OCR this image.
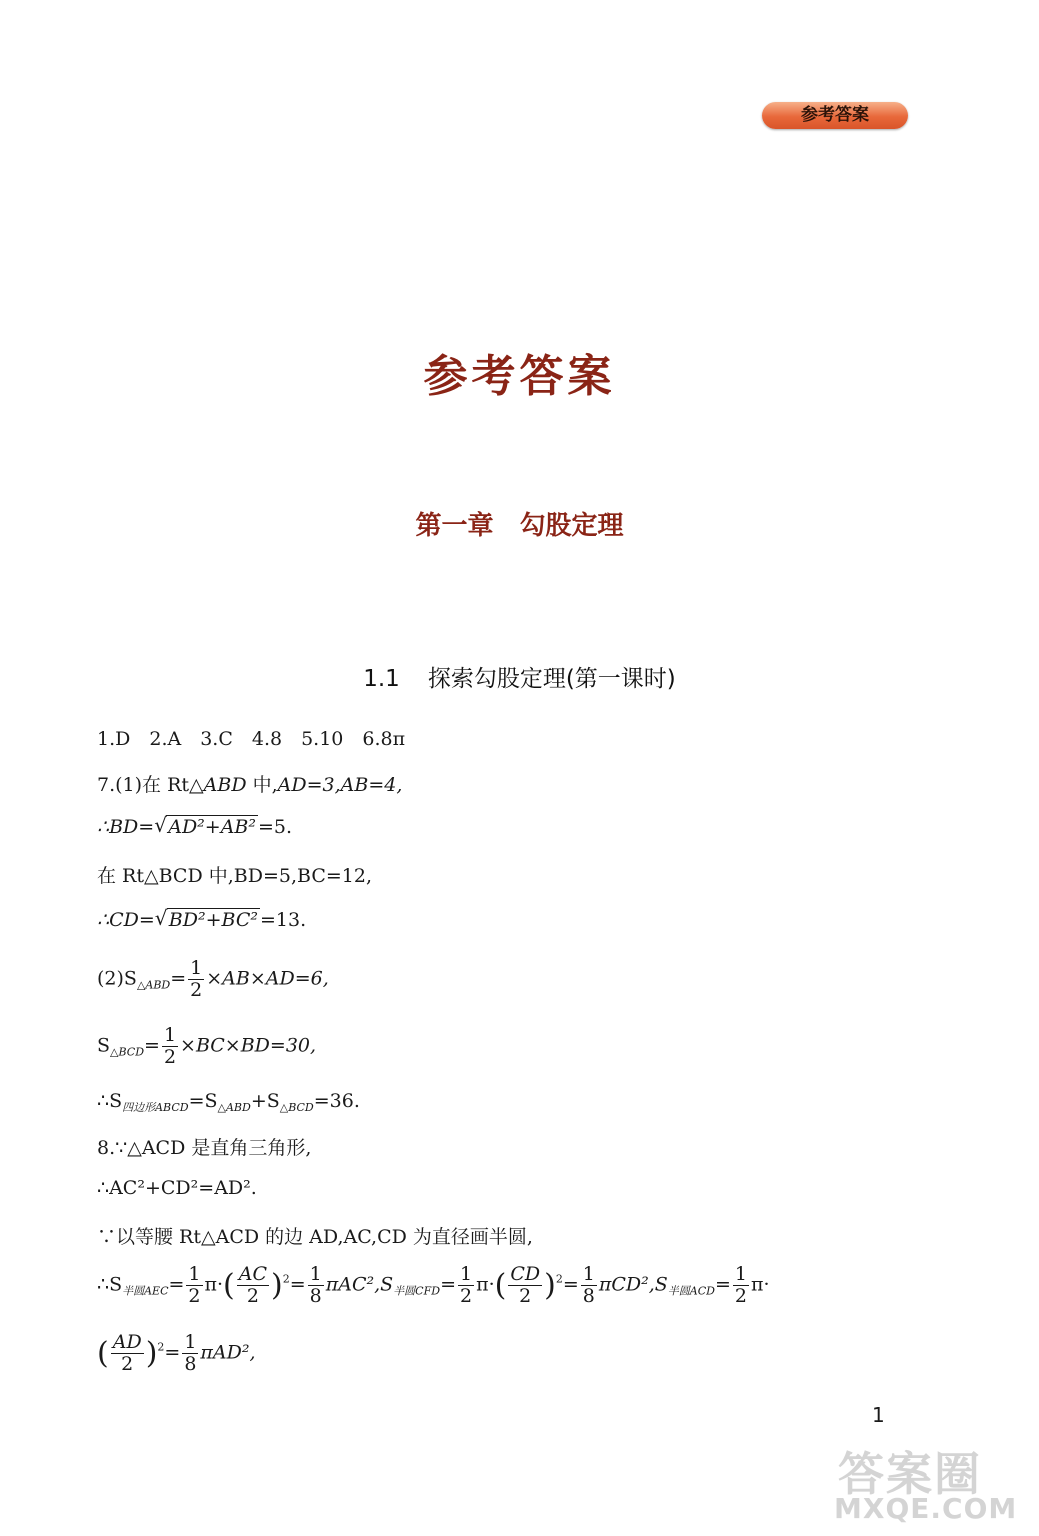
参考答案
参考答案
第一章　勾股定理
1.1 探索勾股定理(第一课时)
1.D　2.A　3.C　4.8　5.10　6.8π
7.(1)在 Rt△ABD 中,AD=3,AB=4,
∴BD= √ AD²+AB² =5.
在 Rt△BCD 中,BD=5,BC=12,
∴CD= √ BD²+BC² =13.
$(2)S_{\triangle ABD}= \frac{1}{2} \times AB\times AD=6$,
$S_{\triangle BCD}= \frac{1}{2} \times BC\times BD=30$,
$\therefore S_{四边形ABCD}=S_{\triangle ABD}+S_{\triangle BCD}=36$.
8.∵△ACD 是直角三角形,
∴AC²+CD²=AD².
∵以等腰 Rt△ACD 的边 AD,AC,CD 为直径画半圆,
$\therefore S_{半圆AEC}= \frac{1}{2} \pi\cdot( \frac{AC}{2} )^2= \frac{1}{8} \pi AC^2,S_{半圆CFD}= \frac{1}{2} \pi\cdot( \frac{CD}{2} )^2= \frac{1}{8} \pi CD^2,S_{半圆ACD}= \frac{1}{2} \pi\cdot$
( $\frac{AD}{2} )^2= \frac{1}{8} \pi AD^2$,
1
答案圈
MXQE.COM
